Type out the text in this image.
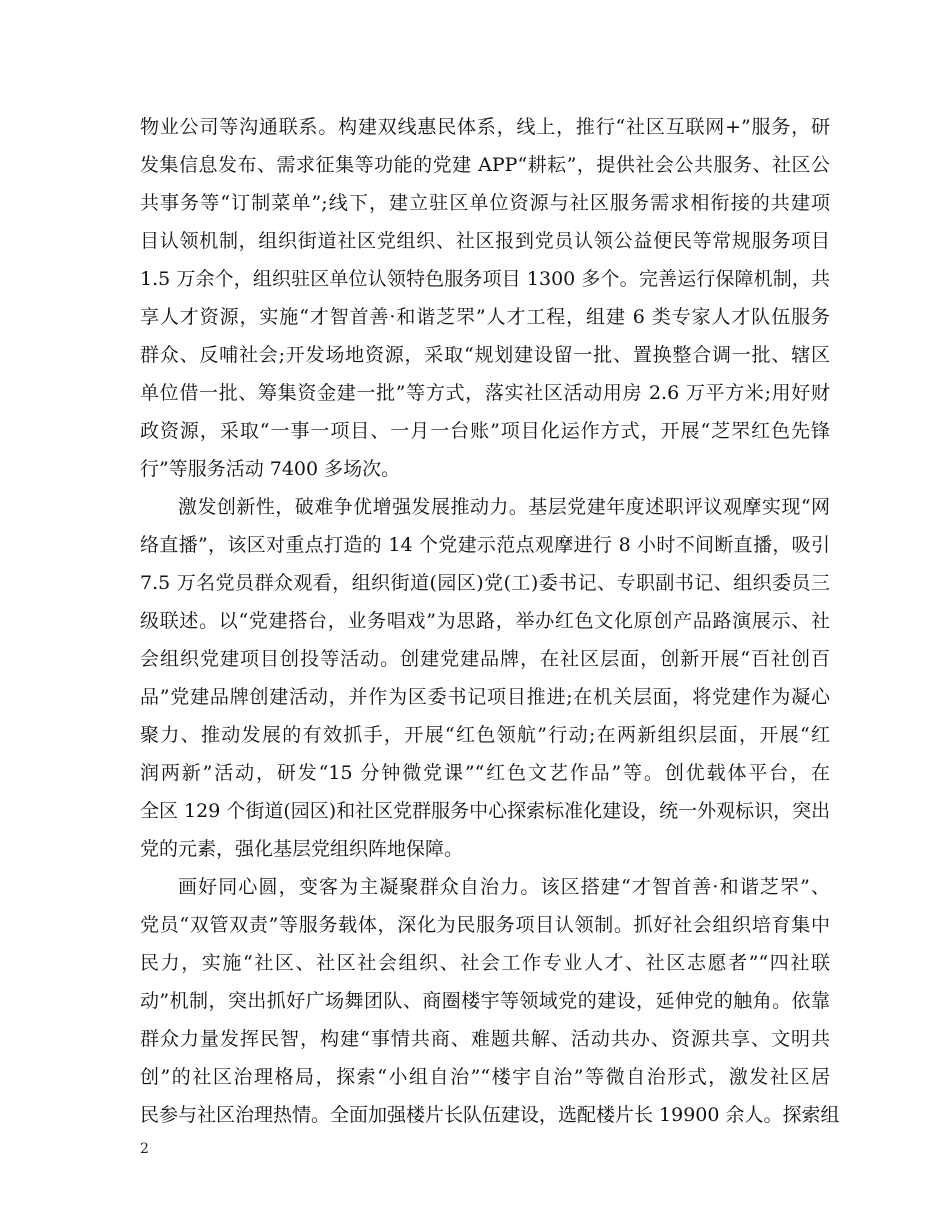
物业公司等沟通联系。构建双线惠民体系，线上，推行“社区互联网+”服务，研
发集信息发布、需求征集等功能的党建 APP“耕耘”，提供社会公共服务、社区公
共事务等“订制菜单”;线下，建立驻区单位资源与社区服务需求相衔接的共建项
目认领机制，组织街道社区党组织、社区报到党员认领公益便民等常规服务项目
1.5 万余个，组织驻区单位认领特色服务项目 1300 多个。完善运行保障机制，共
享人才资源，实施“才智首善·和谐芝罘”人才工程，组建 6 类专家人才队伍服务
群众、反哺社会;开发场地资源，采取“规划建设留一批、置换整合调一批、辖区
单位借一批、筹集资金建一批”等方式，落实社区活动用房 2.6 万平方米;用好财
政资源，采取“一事一项目、一月一台账”项目化运作方式，开展“芝罘红色先锋
行”等服务活动 7400 多场次。
激发创新性，破难争优增强发展推动力。基层党建年度述职评议观摩实现“网
络直播”，该区对重点打造的 14 个党建示范点观摩进行 8 小时不间断直播，吸引
7.5 万名党员群众观看，组织街道(园区)党(工)委书记、专职副书记、组织委员三
级联述。以“党建搭台，业务唱戏”为思路，举办红色文化原创产品路演展示、社
会组织党建项目创投等活动。创建党建品牌，在社区层面，创新开展“百社创百
品”党建品牌创建活动，并作为区委书记项目推进;在机关层面，将党建作为凝心
聚力、推动发展的有效抓手，开展“红色领航”行动;在两新组织层面，开展“红
润两新”活动，研发“15 分钟微党课”“红色文艺作品”等。创优载体平台，在
全区 129 个街道(园区)和社区党群服务中心探索标准化建设，统一外观标识，突出
党的元素，强化基层党组织阵地保障。
画好同心圆，变客为主凝聚群众自治力。该区搭建“才智首善·和谐芝罘”、
党员“双管双责”等服务载体，深化为民服务项目认领制。抓好社会组织培育集中
民力，实施“社区、社区社会组织、社会工作专业人才、社区志愿者”“四社联
动”机制，突出抓好广场舞团队、商圈楼宇等领域党的建设，延伸党的触角。依靠
群众力量发挥民智，构建“事情共商、难题共解、活动共办、资源共享、文明共
创”的社区治理格局，探索“小组自治”“楼宇自治”等微自治形式，激发社区居
民参与社区治理热情。全面加强楼片长队伍建设，选配楼片长 19900 余人。探索组
2
